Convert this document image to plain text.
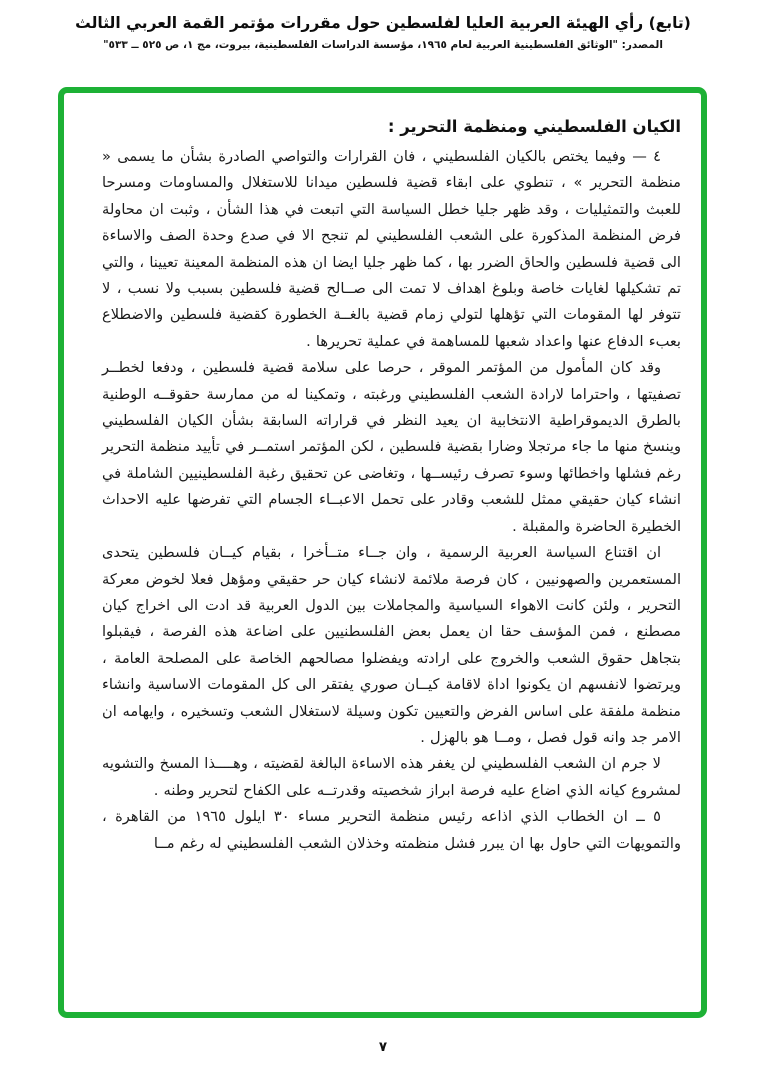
(تابع) رأي الهيئة العربية العليا لفلسطين حول مقررات مؤتمر القمة العربي الثالث
المصدر: "الوثائق الفلسطينية العربية لعام ١٩٦٥، مؤسسة الدراسات الفلسطينية، بيروت، مج ١، ص ٥٢٥ ــ ٥٣٣"
الكيان الفلسطيني ومنظمة التحرير :

٤ — وفيما يختص بالكيان الفلسطيني ، فان القرارات والتواصي الصادرة بشأن ما يسمى « منظمة التحرير » ، تنطوي على ابقاء قضية فلسطين ميدانا للاستغلال والمساومات ومسرحا للعبث والتمثيليات ، وقد ظهر جليا خطل السياسة التي اتبعت في هذا الشأن ، وثبت ان محاولة فرض المنظمة المذكورة على الشعب الفلسطيني لم تنجح الا في صدع وحدة الصف والاساءة الى قضية فلسطين والحاق الضرر بها ، كما ظهر جليا ايضا ان هذه المنظمة المعينة تعيينا ، والتي تم تشكيلها لغايات خاصة وبلوغ اهداف لا تمت الى صــالح قضية فلسطين بسبب ولا نسب ، لا تتوفر لها المقومات التي تؤهلها لتولي زمام قضية بالغــة الخطورة كقضية فلسطين والاضطلاع بعبء الدفاع عنها واعداد شعبها للمساهمة في عملية تحريرها .

وقد كان المأمول من المؤتمر الموقر ، حرصا على سلامة قضية فلسطين ، ودفعا لخطــر تصفيتها ، واحتراما لارادة الشعب الفلسطيني ورغبته ، وتمكينا له من ممارسة حقوقــه الوطنية بالطرق الديموقراطية الانتخابية ان يعيد النظر في قراراته السابقة بشأن الكيان الفلسطيني وينسخ منها ما جاء مرتجلا وضارا بقضية فلسطين ، لكن المؤتمر استمــر في تأييد منظمة التحرير رغم فشلها واخطائها وسوء تصرف رئيســها ، وتغاضى عن تحقيق رغبة الفلسطينيين الشاملة في انشاء كيان حقيقي ممثل للشعب وقادر على تحمل الاعبــاء الجسام التي تفرضها عليه الاحداث الخطيرة الحاضرة والمقبلة .

ان اقتناع السياسة العربية الرسمية ، وان جــاء متــأخرا ، بقيام كيــان فلسطين يتحدى المستعمرين والصهونيين ، كان فرصة ملائمة لانشاء كيان حر حقيقي ومؤهل فعلا لخوض معركة التحرير ، ولئن كانت الاهواء السياسية والمجاملات بين الدول العربية قد ادت الى اخراج كيان مصطنع ، فمن المؤسف حقا ان يعمل بعض الفلسطنيين على اضاعة هذه الفرصة ، فيقبلوا بتجاهل حقوق الشعب والخروج على ارادته ويفضلوا مصالحهم الخاصة على المصلحة العامة ، ويرتضوا لانفسهم ان يكونوا اداة لاقامة كيــان صوري يفتقر الى كل المقومات الاساسية وانشاء منظمة ملفقة على اساس الفرض والتعيين تكون وسيلة لاستغلال الشعب وتسخيره ، وايهامه ان الامر جد وانه قول فصل ، ومــا هو بالهزل .

لا جرم ان الشعب الفلسطيني لن يغفر هذه الاساءة البالغة لقضيته ، وهــــذا المسخ والتشويه لمشروع كيانه الذي اضاع عليه فرصة ابراز شخصيته وقدرتــه على الكفاح لتحرير وطنه .

٥ ــ ان الخطاب الذي اذاعه رئيس منظمة التحرير مساء ٣٠ ايلول ١٩٦٥ من القاهرة ، والتمويهات التي حاول بها ان يبرر فشل منظمته وخذلان الشعب الفلسطيني له رغم مــا

٧
